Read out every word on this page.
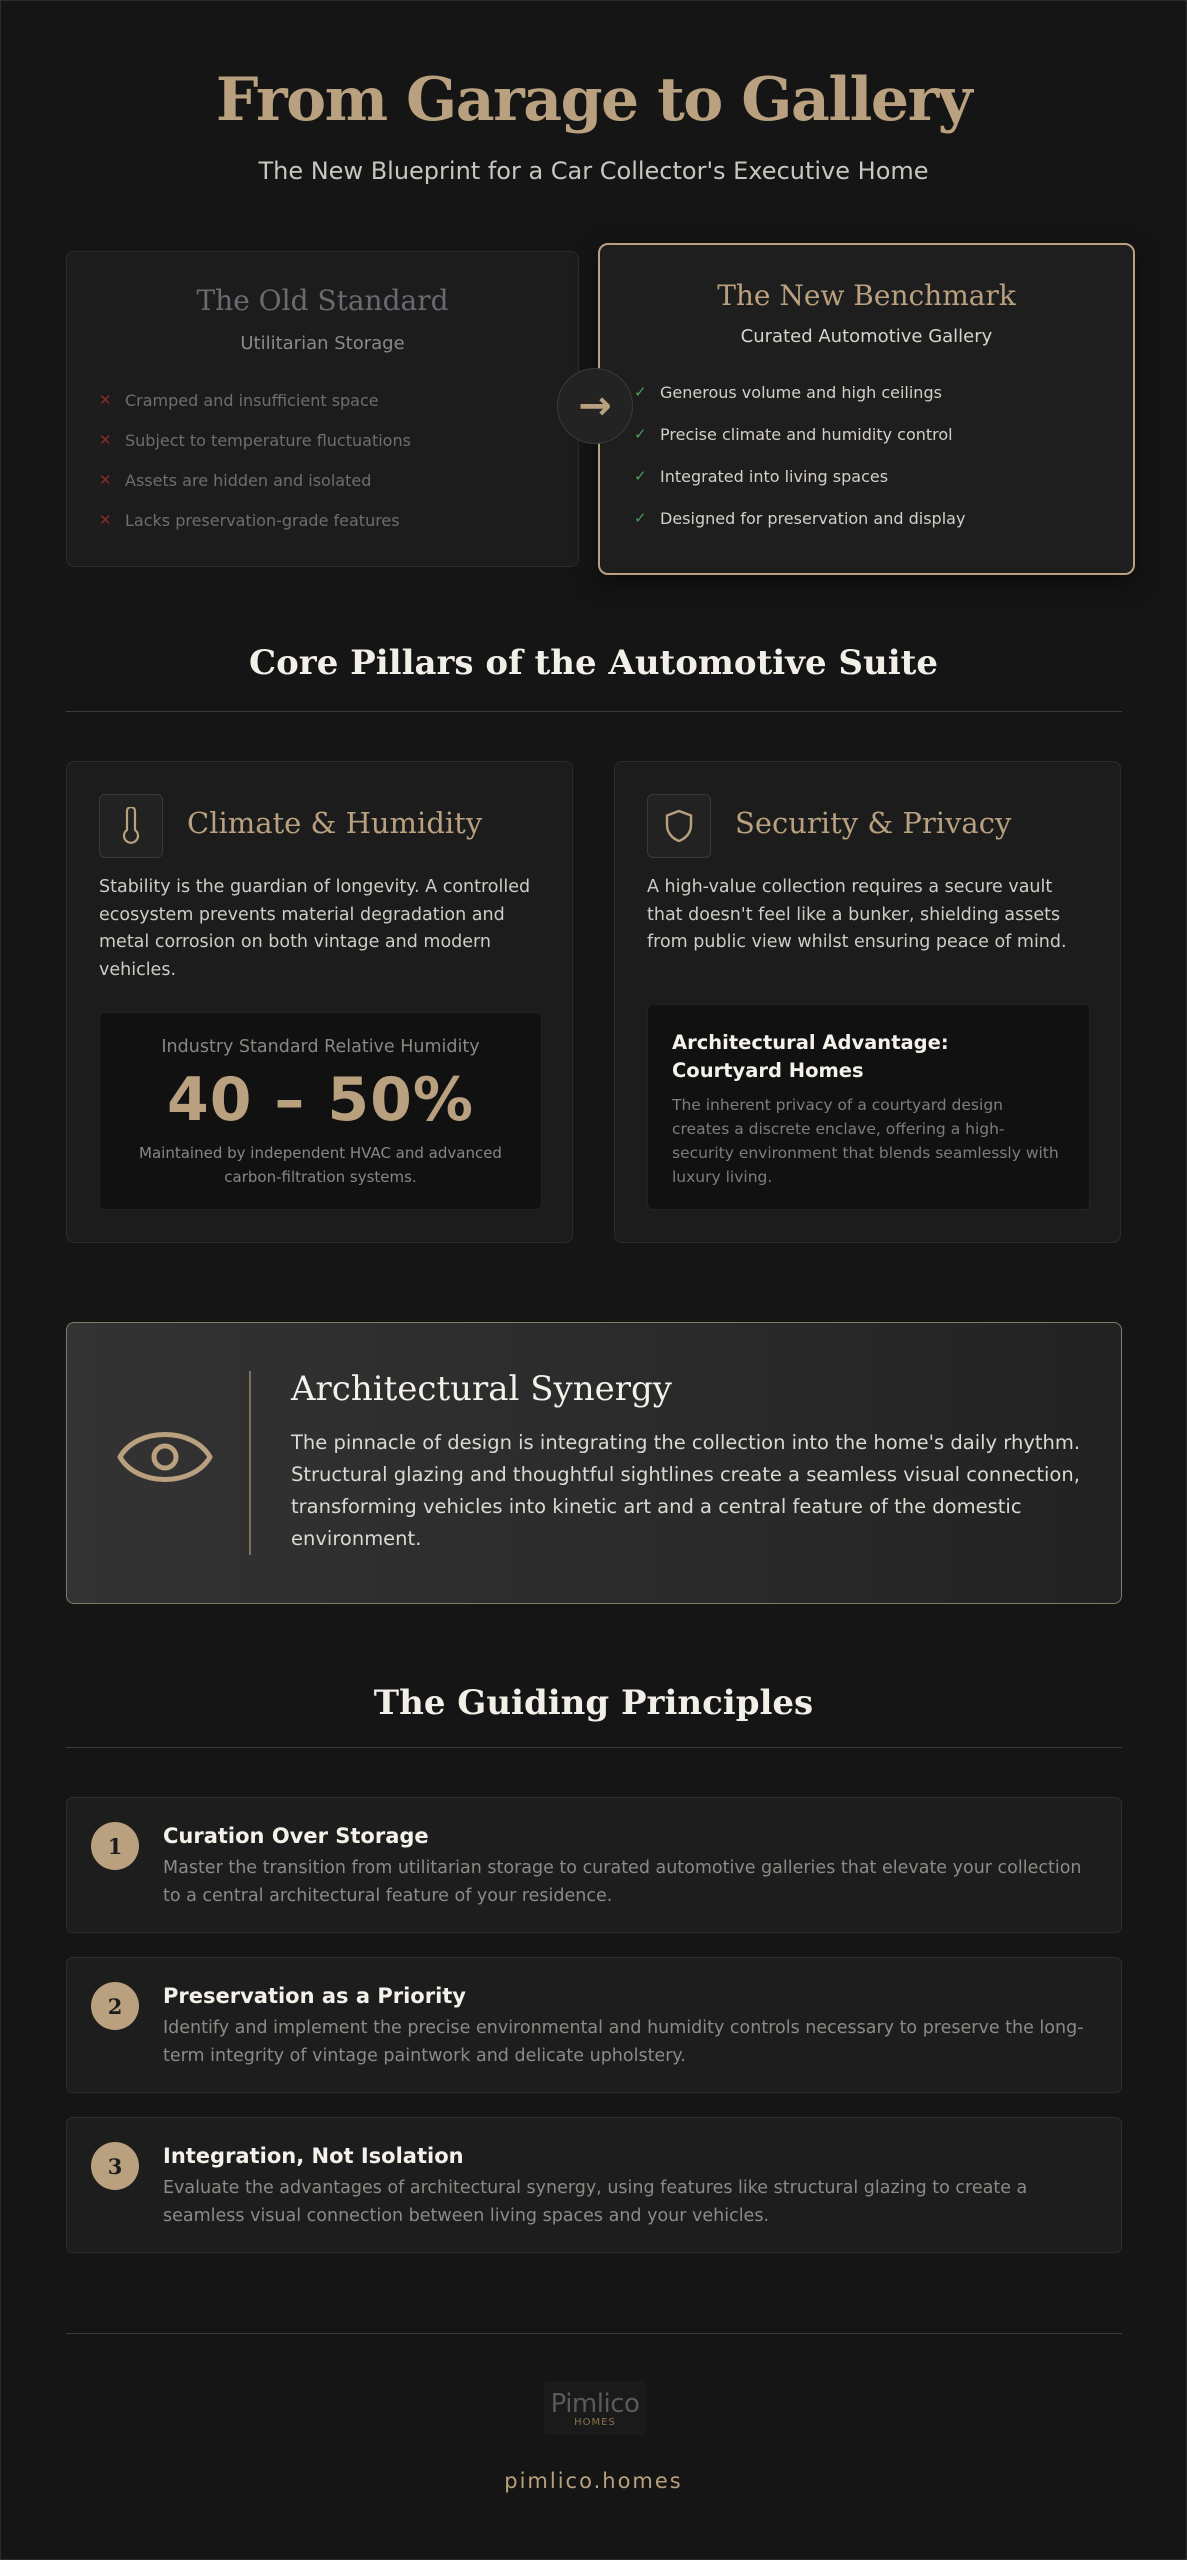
From Garage to Gallery
The New Blueprint for a Car Collector's Executive Home
The Old Standard
Utilitarian Storage
✕ Cramped and insufficient space
✕ Subject to temperature fluctuations
✕ Assets are hidden and isolated
✕ Lacks preservation-grade features
The New Benchmark
Curated Automotive Gallery
✓ Generous volume and high ceilings
✓ Precise climate and humidity control
✓ Integrated into living spaces
✓ Designed for preservation and display
→
Core Pillars of the Automotive Suite
Climate & Humidity

Stability is the guardian of longevity. A controlled ecosystem prevents material degradation and metal corrosion on both vintage and modern vehicles.

Industry Standard Relative Humidity
40 – 50%
Maintained by independent HVAC and advanced carbon-filtration systems.
Security & Privacy

A high-value collection requires a secure vault that doesn't feel like a bunker, shielding assets from public view whilst ensuring peace of mind.

Architectural Advantage: Courtyard Homes
The inherent privacy of a courtyard design creates a discrete enclave, offering a high-security environment that blends seamlessly with luxury living.
Architectural Synergy

The pinnacle of design is integrating the collection into the home's daily rhythm. Structural glazing and thoughtful sightlines create a seamless visual connection, transforming vehicles into kinetic art and a central feature of the domestic environment.

The Guiding Principles
1	Curation Over Storage

Master the transition from utilitarian storage to curated automotive galleries that elevate your collection to a central architectural feature of your residence.

2	Preservation as a Priority

Identify and implement the precise environmental and humidity controls necessary to preserve the long-term integrity of vintage paintwork and delicate upholstery.

3	Integration, Not Isolation

Evaluate the advantages of architectural synergy, using features like structural glazing to create a seamless visual connection between living spaces and your vehicles.

Pimlico
HOMES
pimlico.homes
